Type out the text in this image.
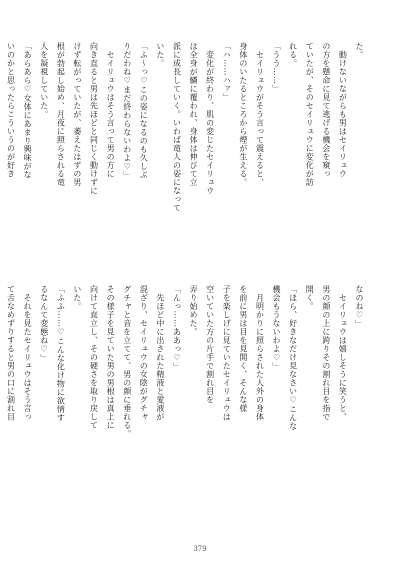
た。
　動けないながらも男はセイリュウ
の方を懸命に見て逃げる機会を窺っ
ていたが、そのセイリュウに変化が訪
れる。
「うう……」
　セイリュウがそう言って震えると、
身体のいたるところから煙が生える。
「ハ……ハァ」
　変化が終わり、肌の変じたセイリュウ
は全身が鱗に覆われ、身体は伸びて立
派に成長していく。いわば竜人の姿になって
いた。
「ふ〜っ♡この姿になるのも久しぶ
りだわね♡まだ終わらないわよ♡」
　セイリュウはそう言って男の方に
向き直ると男は先ほどと同じく動けずに
けず転がっていたが、萎えたはずの男
根が勃起し始め、月夜に照らされる竜
人を凝視していた。
「あらあら♡女体にあまり興味がな
いのかと思ったらこういうのが好き
なのね♡」
　セイリュウは嬉しそうに笑うと、
男の顔の上に跨りその割れ目を指で
開く。
「ほら、好きなだけ見なさい♡こんな
機会もうないわよ♡」
　月明かりに照らされた人外の身体
を前に男は目を見開く、そんな様
子を楽しげに見ていたセイリュウは
空いていた方の片手で割れ目を
弄り始めた。
「んっ……ああっ♡」
　先ほど中に出された精液と愛液が
混ざり、セイリュウの女陰がグチャ
グチャと音を立てて、男の顔に垂れる。
その様子を見ていた男の男根は真上に
向けて直立し、その硬さを取り戻して
いた。
「ふふ……♡こんな化け物に欲情す
るなんて変態ね♡」
　それを見たセイリュウはそう言っ
て舌なめずりすると男の口に割れ目
379
